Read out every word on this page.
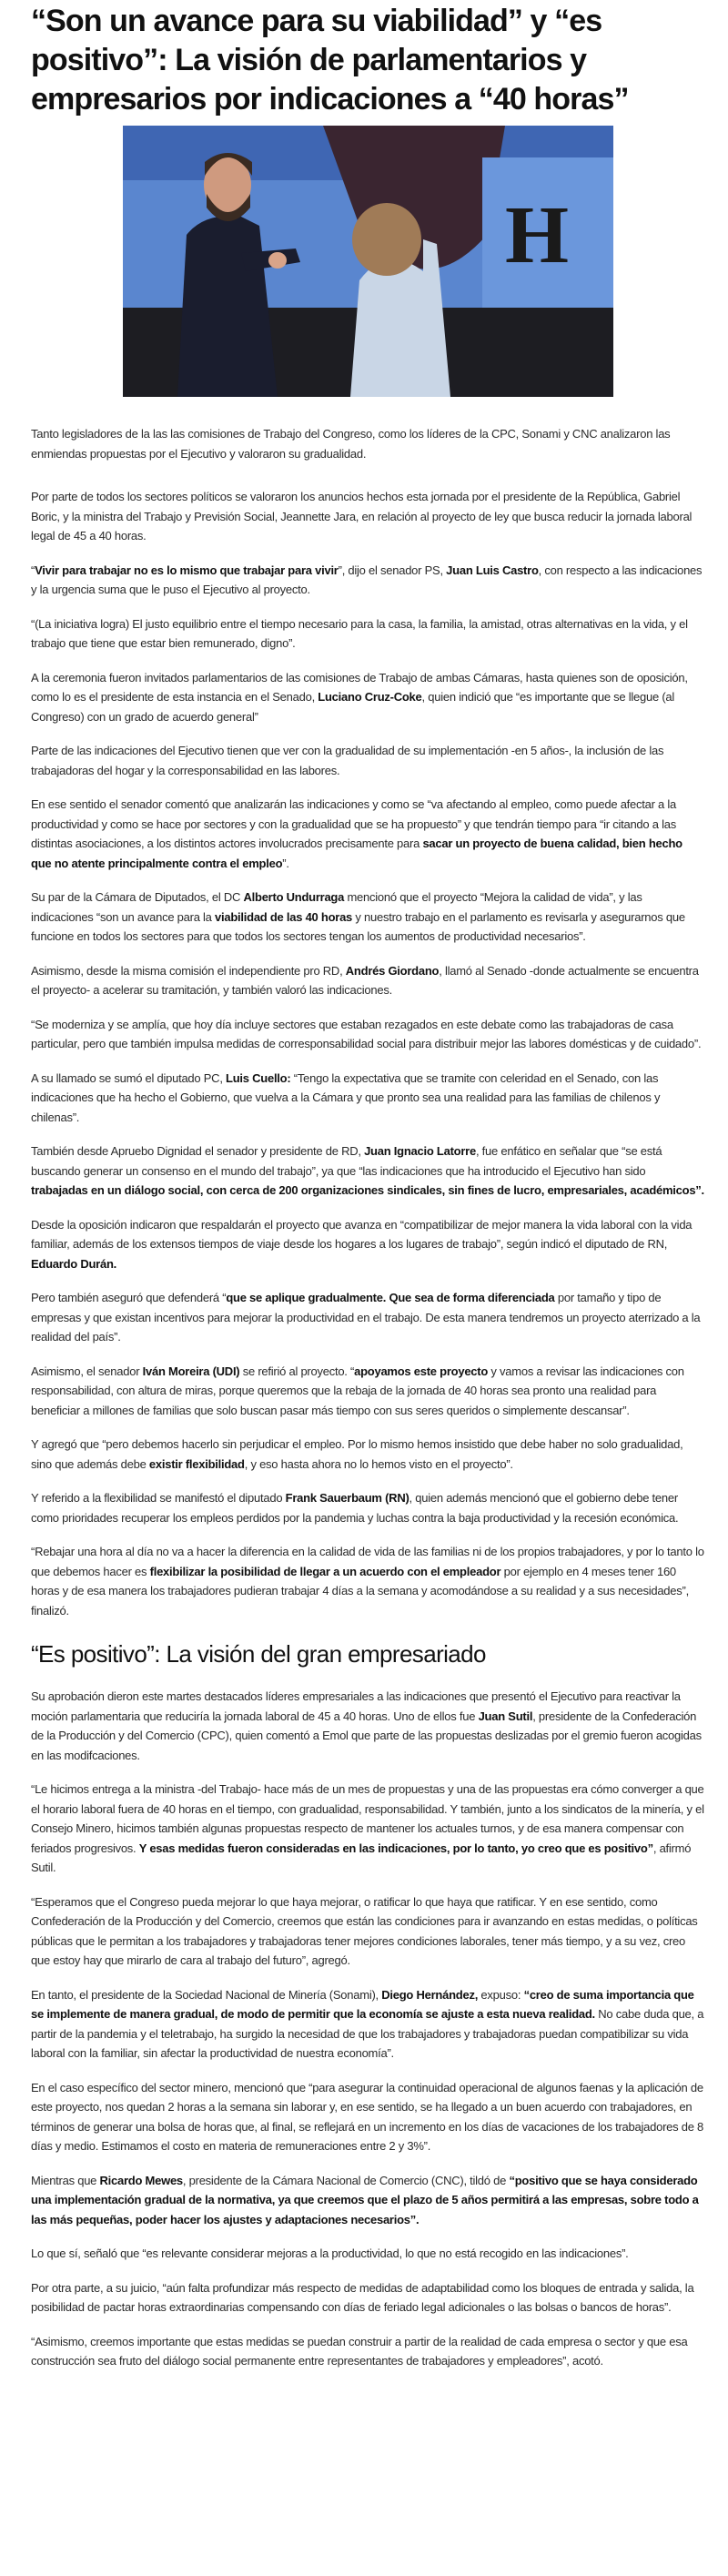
“Son un avance para su viabilidad” y “es positivo”: La visión de parlamentarios y empresarios por indicaciones a “40 horas”
H

Tanto legisladores de la las las comisiones de Trabajo del Congreso, como los líderes de la CPC, Sonami y CNC analizaron las enmiendas propuestas por el Ejecutivo y valoraron su gradualidad.

Por parte de todos los sectores políticos se valoraron los anuncios hechos esta jornada por el presidente de la República, Gabriel Boric, y la ministra del Trabajo y Previsión Social, Jeannette Jara, en relación al proyecto de ley que busca reducir la jornada laboral legal de 45 a 40 horas.

“Vivir para trabajar no es lo mismo que trabajar para vivir”, dijo el senador PS, Juan Luis Castro, con respecto a las indicaciones y la urgencia suma que le puso el Ejecutivo al proyecto.

“(La iniciativa logra) El justo equilibrio entre el tiempo necesario para la casa, la familia, la amistad, otras alternativas en la vida, y el trabajo que tiene que estar bien remunerado, digno”.

A la ceremonia fueron invitados parlamentarios de las comisiones de Trabajo de ambas Cámaras, hasta quienes son de oposición, como lo es el presidente de esta instancia en el Senado, Luciano Cruz-Coke, quien indició que “es importante que se llegue (al Congreso) con un grado de acuerdo general”

Parte de las indicaciones del Ejecutivo tienen que ver con la gradualidad de su implementación -en 5 años-, la inclusión de las trabajadoras del hogar y la corresponsabilidad en las labores.

En ese sentido el senador comentó que analizarán las indicaciones y como se “va afectando al empleo, como puede afectar a la productividad y como se hace por sectores y con la gradualidad que se ha propuesto” y que tendrán tiempo para “ir citando a las distintas asociaciones, a los distintos actores involucrados precisamente para sacar un proyecto de buena calidad, bien hecho que no atente principalmente contra el empleo”.

Su par de la Cámara de Diputados, el DC Alberto Undurraga mencionó que el proyecto “Mejora la calidad de vida”, y las indicaciones “son un avance para la viabilidad de las 40 horas y nuestro trabajo en el parlamento es revisarla y asegurarnos que funcione en todos los sectores para que todos los sectores tengan los aumentos de productividad necesarios”.

Asimismo, desde la misma comisión el independiente pro RD, Andrés Giordano, llamó al Senado -donde actualmente se encuentra el proyecto- a acelerar su tramitación, y también valoró las indicaciones.

“Se moderniza y se amplía, que hoy día incluye sectores que estaban rezagados en este debate como las trabajadoras de casa particular, pero que también impulsa medidas de corresponsabilidad social para distribuir mejor las labores domésticas y de cuidado”.

A su llamado se sumó el diputado PC, Luis Cuello: “Tengo la expectativa que se tramite con celeridad en el Senado, con las indicaciones que ha hecho el Gobierno, que vuelva a la Cámara y que pronto sea una realidad para las familias de chilenos y chilenas”.

También desde Apruebo Dignidad el senador y presidente de RD, Juan Ignacio Latorre, fue enfático en señalar que “se está buscando generar un consenso en el mundo del trabajo”, ya que “las indicaciones que ha introducido el Ejecutivo han sido trabajadas en un diálogo social, con cerca de 200 organizaciones sindicales, sin fines de lucro, empresariales, académicos”.

Desde la oposición indicaron que respaldarán el proyecto que avanza en “compatibilizar de mejor manera la vida laboral con la vida familiar, además de los extensos tiempos de viaje desde los hogares a los lugares de trabajo”, según indicó el diputado de RN, Eduardo Durán.

Pero también aseguró que defenderá “que se aplique gradualmente. Que sea de forma diferenciada por tamaño y tipo de empresas y que existan incentivos para mejorar la productividad en el trabajo. De esta manera tendremos un proyecto aterrizado a la realidad del país”.

Asimismo, el senador Iván Moreira (UDI) se refirió al proyecto. “apoyamos este proyecto y vamos a revisar las indicaciones con responsabilidad, con altura de miras, porque queremos que la rebaja de la jornada de 40 horas sea pronto una realidad para beneficiar a millones de familias que solo buscan pasar más tiempo con sus seres queridos o simplemente descansar”.

Y agregó que “pero debemos hacerlo sin perjudicar el empleo. Por lo mismo hemos insistido que debe haber no solo gradualidad, sino que además debe existir flexibilidad, y eso hasta ahora no lo hemos visto en el proyecto”.

Y referido a la flexibilidad se manifestó el diputado Frank Sauerbaum (RN), quien además mencionó que el gobierno debe tener como prioridades recuperar los empleos perdidos por la pandemia y luchas contra la baja productividad y la recesión económica.

“Rebajar una hora al día no va a hacer la diferencia en la calidad de vida de las familias ni de los propios trabajadores, y por lo tanto lo que debemos hacer es flexibilizar la posibilidad de llegar a un acuerdo con el empleador por ejemplo en 4 meses tener 160 horas y de esa manera los trabajadores pudieran trabajar 4 días a la semana y acomodándose a su realidad y a sus necesidades”, finalizó.

“Es positivo”: La visión del gran empresariado

Su aprobación dieron este martes destacados líderes empresariales a las indicaciones que presentó el Ejecutivo para reactivar la moción parlamentaria que reduciría la jornada laboral de 45 a 40 horas. Uno de ellos fue Juan Sutil, presidente de la Confederación de la Producción y del Comercio (CPC), quien comentó a Emol que parte de las propuestas deslizadas por el gremio fueron acogidas en las modifcaciones.

“Le hicimos entrega a la ministra -del Trabajo- hace más de un mes de propuestas y una de las propuestas era cómo converger a que el horario laboral fuera de 40 horas en el tiempo, con gradualidad, responsabilidad. Y también, junto a los sindicatos de la minería, y el Consejo Minero, hicimos también algunas propuestas respecto de mantener los actuales turnos, y de esa manera compensar con feriados progresivos. Y esas medidas fueron consideradas en las indicaciones, por lo tanto, yo creo que es positivo”, afirmó Sutil.

“Esperamos que el Congreso pueda mejorar lo que haya mejorar, o ratificar lo que haya que ratificar. Y en ese sentido, como Confederación de la Producción y del Comercio, creemos que están las condiciones para ir avanzando en estas medidas, o políticas públicas que le permitan a los trabajadores y trabajadoras tener mejores condiciones laborales, tener más tiempo, y a su vez, creo que estoy hay que mirarlo de cara al trabajo del futuro”, agregó.

En tanto, el presidente de la Sociedad Nacional de Minería (Sonami), Diego Hernández, expuso: “creo de suma importancia que se implemente de manera gradual, de modo de permitir que la economía se ajuste a esta nueva realidad. No cabe duda que, a partir de la pandemia y el teletrabajo, ha surgido la necesidad de que los trabajadores y trabajadoras puedan compatibilizar su vida laboral con la familiar, sin afectar la productividad de nuestra economía”.

En el caso específico del sector minero, mencionó que “para asegurar la continuidad operacional de algunos faenas y la aplicación de este proyecto, nos quedan 2 horas a la semana sin laborar y, en ese sentido, se ha llegado a un buen acuerdo con trabajadores, en términos de generar una bolsa de horas que, al final, se reflejará en un incremento en los días de vacaciones de los trabajadores de 8 días y medio. Estimamos el costo en materia de remuneraciones entre 2 y 3%”.

Mientras que Ricardo Mewes, presidente de la Cámara Nacional de Comercio (CNC), tildó de “positivo que se haya considerado una implementación gradual de la normativa, ya que creemos que el plazo de 5 años permitirá a las empresas, sobre todo a las más pequeñas, poder hacer los ajustes y adaptaciones necesarios”.

Lo que sí, señaló que “es relevante considerar mejoras a la productividad, lo que no está recogido en las indicaciones”.

Por otra parte, a su juicio, “aún falta profundizar más respecto de medidas de adaptabilidad como los bloques de entrada y salida, la posibilidad de pactar horas extraordinarias compensando con días de feriado legal adicionales o las bolsas o bancos de horas”.

“Asimismo, creemos importante que estas medidas se puedan construir a partir de la realidad de cada empresa o sector y que esa construcción sea fruto del diálogo social permanente entre representantes de trabajadores y empleadores”, acotó.
